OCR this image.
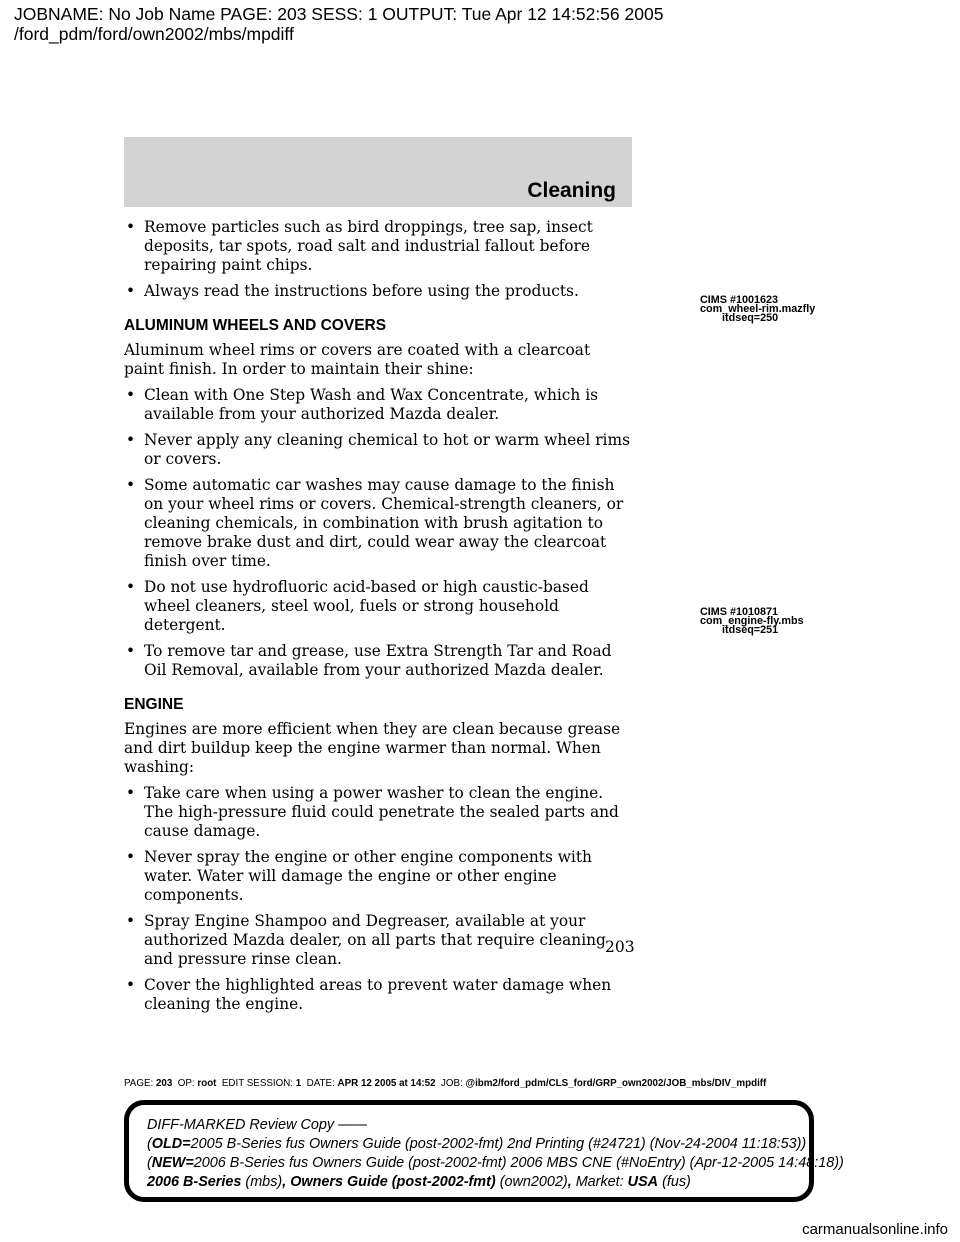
JOBNAME: No Job Name PAGE: 203 SESS: 1 OUTPUT: Tue Apr 12 14:52:56 2005
/ford_pdm/ford/own2002/mbs/mpdiff
Cleaning
• Remove particles such as bird droppings, tree sap, insect deposits, tar spots, road salt and industrial fallout before repairing paint chips.
• Always read the instructions before using the products.
ALUMINUM WHEELS AND COVERS
Aluminum wheel rims or covers are coated with a clearcoat paint finish. In order to maintain their shine:
• Clean with One Step Wash and Wax Concentrate, which is available from your authorized Mazda dealer.
• Never apply any cleaning chemical to hot or warm wheel rims or covers.
• Some automatic car washes may cause damage to the finish on your wheel rims or covers. Chemical-strength cleaners, or cleaning chemicals, in combination with brush agitation to remove brake dust and dirt, could wear away the clearcoat finish over time.
• Do not use hydrofluoric acid-based or high caustic-based wheel cleaners, steel wool, fuels or strong household detergent.
• To remove tar and grease, use Extra Strength Tar and Road Oil Removal, available from your authorized Mazda dealer.
ENGINE
Engines are more efficient when they are clean because grease and dirt buildup keep the engine warmer than normal. When washing:
• Take care when using a power washer to clean the engine. The high-pressure fluid could penetrate the sealed parts and cause damage.
• Never spray the engine or other engine components with water. Water will damage the engine or other engine components.
• Spray Engine Shampoo and Degreaser, available at your authorized Mazda dealer, on all parts that require cleaning and pressure rinse clean.
• Cover the highlighted areas to prevent water damage when cleaning the engine.
CIMS #1001623
com_wheel-rim.mazfly
itdseq=250
CIMS #1010871
com_engine-fly.mbs
itdseq=251
203
PAGE: 203 OP: root EDIT SESSION: 1 DATE: APR 12 2005 at 14:52 JOB: @ibm2/ford_pdm/CLS_ford/GRP_own2002/JOB_mbs/DIV_mpdiff
DIFF-MARKED Review Copy ——
(OLD=2005 B-Series fus Owners Guide (post-2002-fmt) 2nd Printing (#24721) (Nov-24-2004 11:18:53))
(NEW=2006 B-Series fus Owners Guide (post-2002-fmt) 2006 MBS CNE (#NoEntry) (Apr-12-2005 14:48:18))
2006 B-Series (mbs), Owners Guide (post-2002-fmt) (own2002), Market: USA (fus)
carmanualsonline.info
